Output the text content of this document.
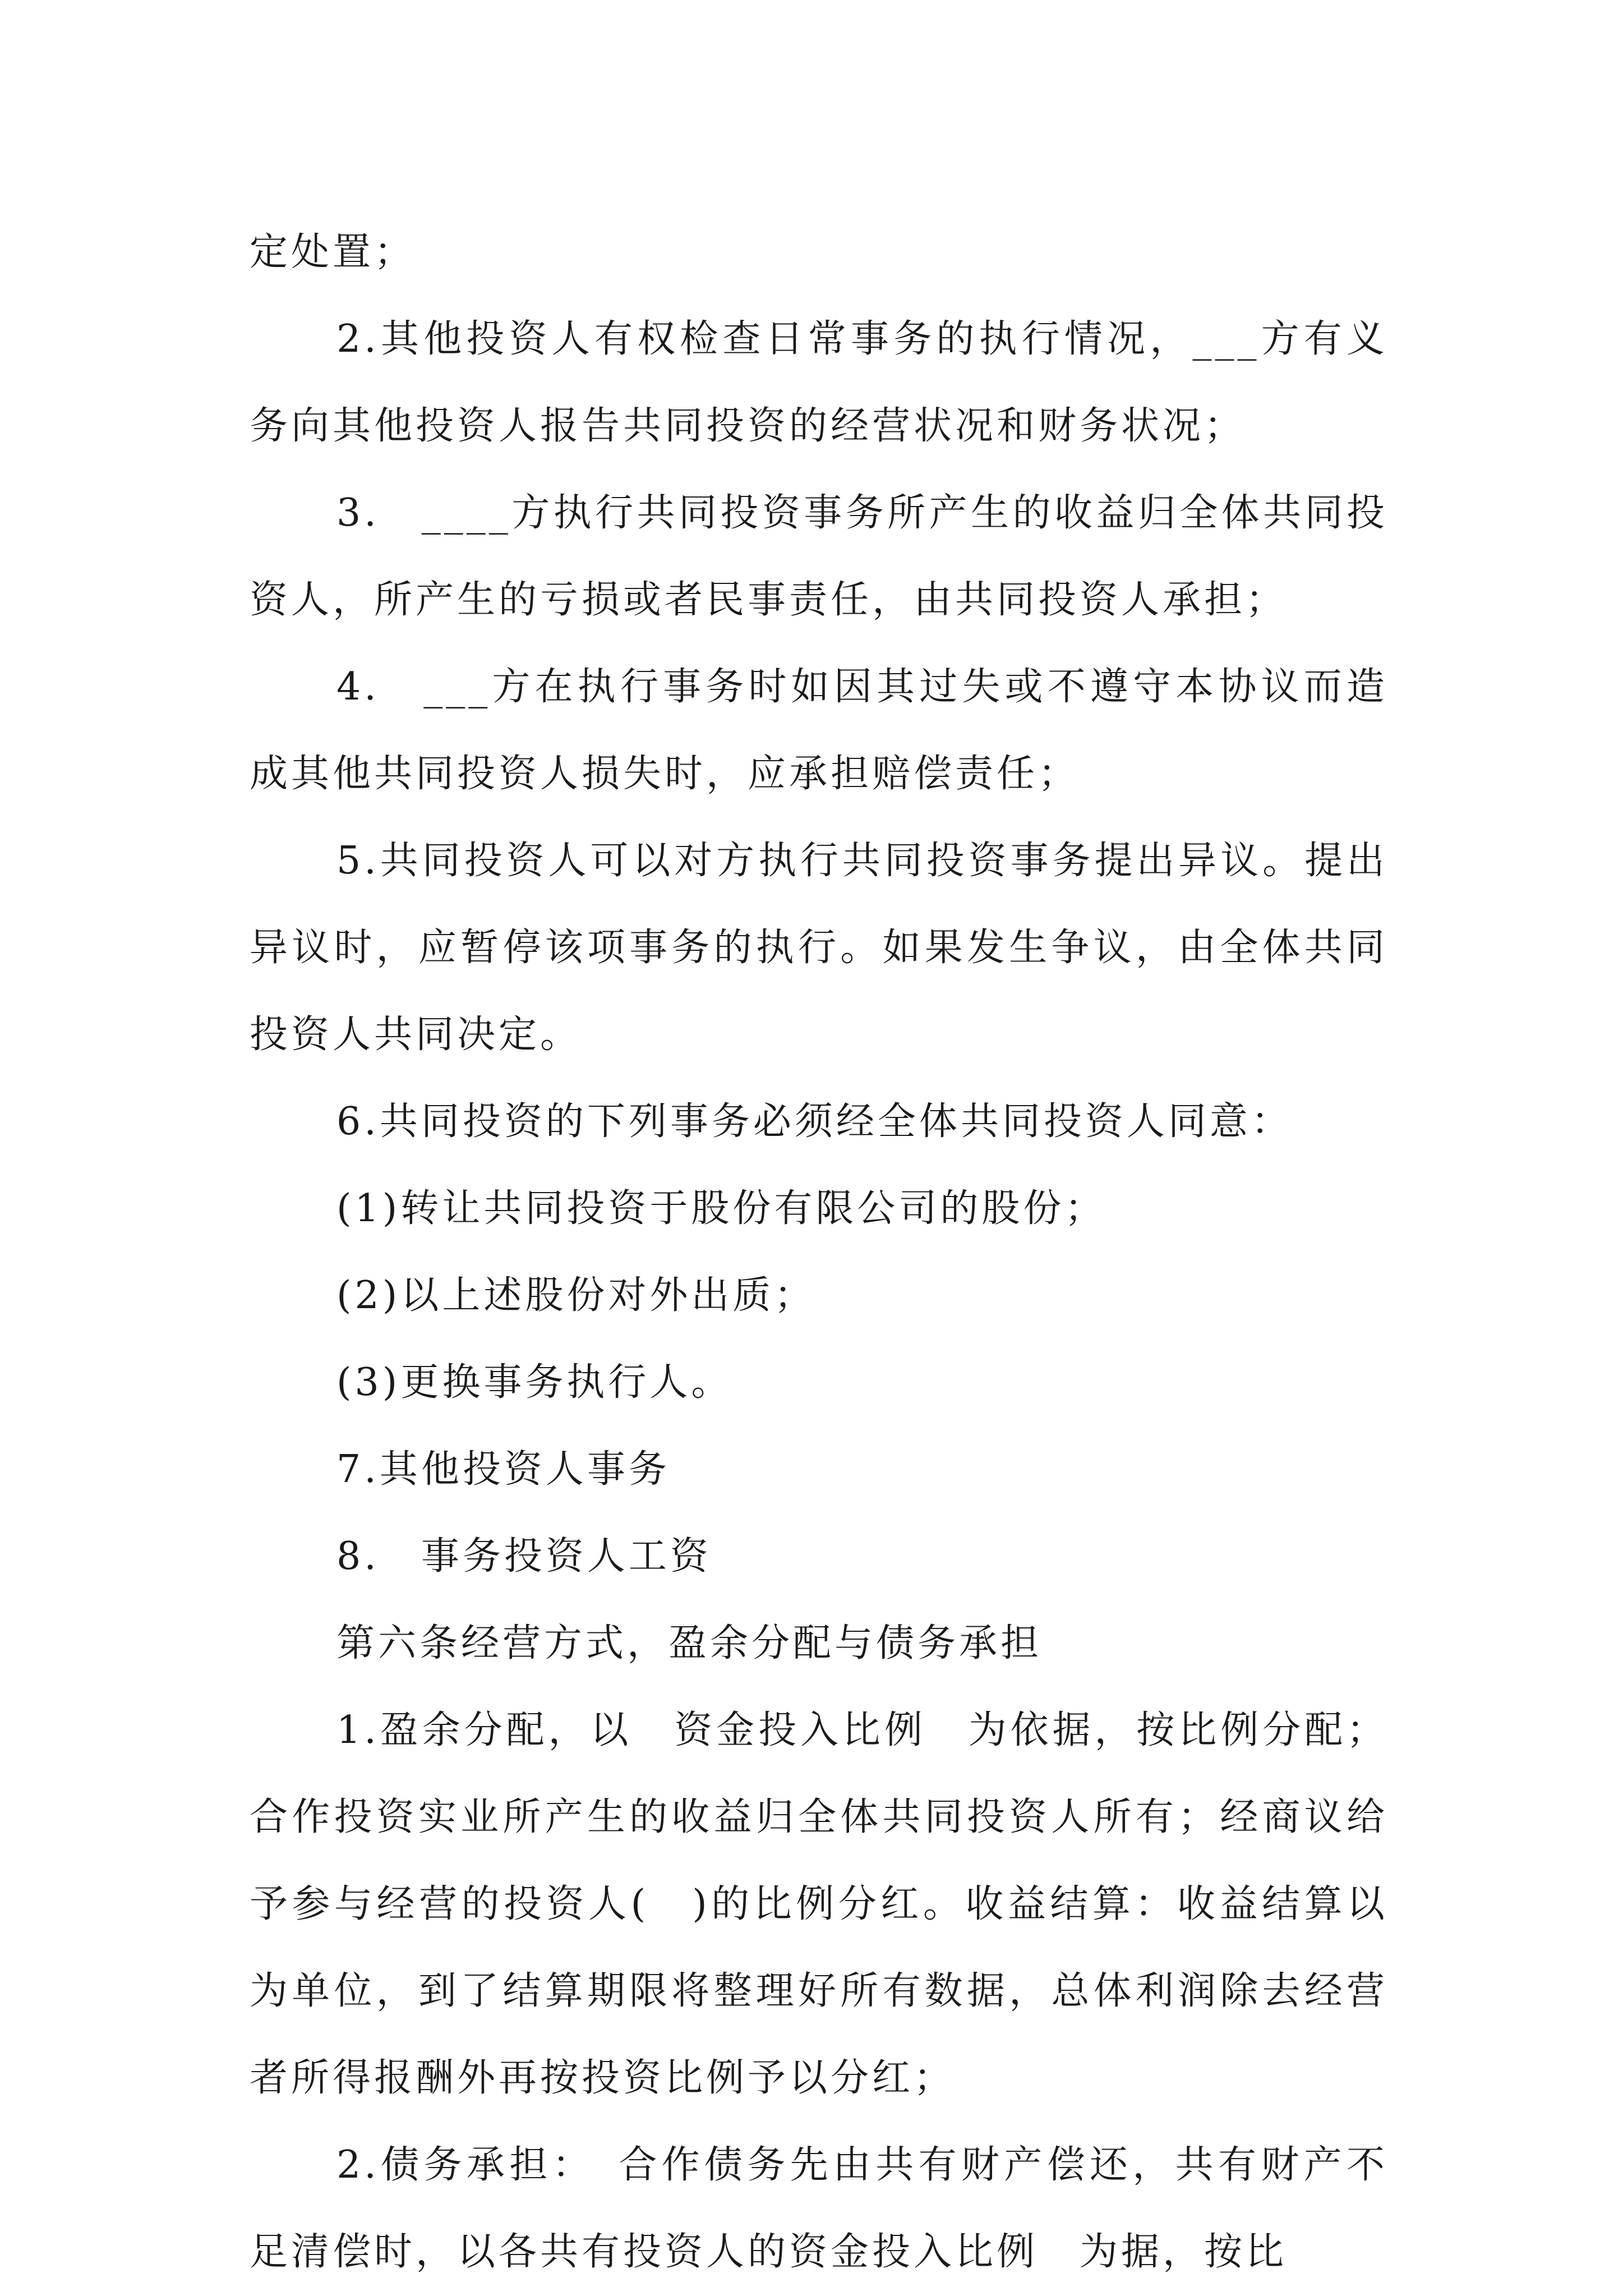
定处置；

2.其他投资人有权检查日常事务的执行情况，___方有义务向其他投资人报告共同投资的经营状况和财务状况；

3.　____方执行共同投资事务所产生的收益归全体共同投资人，所产生的亏损或者民事责任，由共同投资人承担；

4.　___方在执行事务时如因其过失或不遵守本协议而造成其他共同投资人损失时，应承担赔偿责任；

5.共同投资人可以对方执行共同投资事务提出异议。提出异议时，应暂停该项事务的执行。如果发生争议，由全体共同投资人共同决定。

6.共同投资的下列事务必须经全体共同投资人同意：

(1)转让共同投资于股份有限公司的股份；

(2)以上述股份对外出质；

(3)更换事务执行人。

7.其他投资人事务

8.　事务投资人工资

第六条经营方式，盈余分配与债务承担

1.盈余分配，以　资金投入比例　为依据，按比例分配；合作投资实业所产生的收益归全体共同投资人所有；经商议给予参与经营的投资人(　)的比例分红。收益结算：收益结算以　为单位，到了结算期限将整理好所有数据，总体利润除去经营者所得报酬外再按投资比例予以分红；

2.债务承担：　合作债务先由共有财产偿还，共有财产不足清偿时，以各共有投资人的资金投入比例　为据，按比
